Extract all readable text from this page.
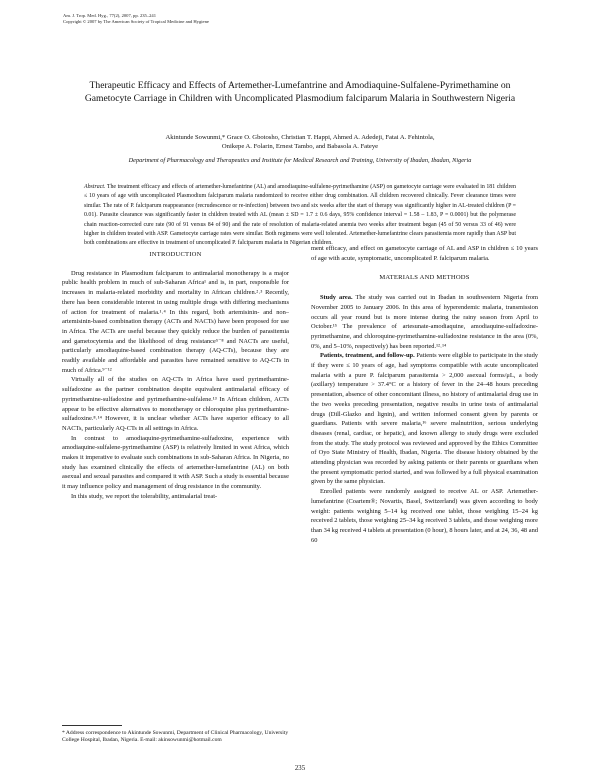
Am. J. Trop. Med. Hyg., 77(2), 2007, pp. 235–241
Copyright © 2007 by The American Society of Tropical Medicine and Hygiene
Therapeutic Efficacy and Effects of Artemether-Lumefantrine and Amodiaquine-Sulfalene-Pyrimethamine on Gametocyte Carriage in Children with Uncomplicated Plasmodium falciparum Malaria in Southwestern Nigeria
Akintunde Sowunmi,* Grace O. Gbotosho, Christian T. Happi, Ahmed A. Adedeji, Fatai A. Fehintola,
Onikepe A. Folarin, Ernest Tambo, and Babasola A. Fateye
Department of Pharmacology and Therapeutics and Institute for Medical Research and Training, University of Ibadan, Ibadan, Nigeria
Abstract. The treatment efficacy and effects of artemether-lumefantrine (AL) and amodiaquine-sulfalene-pyrimethamine (ASP) on gametocyte carriage were evaluated in 181 children ≤ 10 years of age with uncomplicated Plasmodium falciparum malaria randomized to receive either drug combination. All children recovered clinically. Fever clearance times were similar. The rate of P. falciparum reappearance (recrudescence or re-infection) between two and six weeks after the start of therapy was significantly higher in AL-treated children (P = 0.01). Parasite clearance was significantly faster in children treated with AL (mean ± SD = 1.7 ± 0.6 days, 95% confidence interval = 1.58 – 1.83, P = 0.0001) but the polymerase chain reaction-corrected cure rate (90 of 91 versus 84 of 90) and the rate of resolution of malaria-related anemia two weeks after treatment began (45 of 50 versus 33 of 46) were higher in children treated with ASP. Gametocyte carriage rates were similar. Both regimens were well tolerated. Artemether-lumefantrine clears parasitemia more rapidly than ASP but both combinations are effective in treatment of uncomplicated P. falciparum malaria in Nigerian children.
INTRODUCTION

Drug resistance in Plasmodium falciparum to antimalarial monotherapy is a major public health problem in much of sub-Saharan Africa¹ and is, in part, responsible for increases in malaria-related morbidity and mortality in African children.²˒³ Recently, there has been considerable interest in using multiple drugs with differing mechanisms of action for treatment of malaria.¹˒⁴ In this regard, both artemisinin- and non–artemisinin-based combination therapy (ACTs and NACTs) have been proposed for use in Africa. The ACTs are useful because they quickly reduce the burden of parasitemia and gametocytemia and the likelihood of drug resistance⁵⁻⁸ and NACTs are useful, particularly amodiaquine-based combination therapy (AQ-CTs), because they are readily available and affordable and parasites have remained sensitive to AQ-CTs in much of Africa.⁹⁻¹²

Virtually all of the studies on AQ-CTs in Africa have used pyrimethamine-sulfadoxine as the partner combination despite equivalent antimalarial efficacy of pyrimethamine-sulfadoxine and pyrimethamine-sulfalene.¹³ In African children, ACTs appear to be effective alternatives to monotherapy or chloroquine plus pyrimethamine-sulfadoxine.⁸˒¹⁴ However, it is unclear whether ACTs have superior efficacy to all NACTs, particularly AQ-CTs in all settings in Africa.

In contrast to amodiaquine-pyrimethamine-sulfadoxine, experience with amodiaquine-sulfalene-pyrimethamine (ASP) is relatively limited in west Africa, which makes it imperative to evaluate such combinations in sub-Saharan Africa. In Nigeria, no study has examined clinically the effects of artemether-lumefantrine (AL) on both asexual and sexual parasites and compared it with ASP. Such a study is essential because it may influence policy and management of drug resistance in the community.

In this study, we report the tolerability, antimalarial treat-

ment efficacy, and effect on gametocyte carriage of AL and ASP in children ≤ 10 years of age with acute, symptomatic, uncomplicated P. falciparum malaria.

MATERIALS AND METHODS

Study area. The study was carried out in Ibadan in southwestern Nigeria from November 2005 to January 2006. In this area of hyperendemic malaria, transmission occurs all year round but is more intense during the rainy season from April to October.¹⁵ The prevalence of artesunate-amodiaquine, amodiaquine-sulfadoxine-pyrimethamine, and chloroquine-pyrimethamine-sulfadoxine resistance in the area (0%, 0%, and 5–10%, respectively) has been reported.¹²˒¹⁴

Patients, treatment, and follow-up. Patients were eligible to participate in the study if they were ≤ 10 years of age, had symptoms compatible with acute uncomplicated malaria with a pure P. falciparum parasitemia > 2,000 asexual forms/μL, a body (axillary) temperature > 37.4°C or a history of fever in the 24–48 hours preceding presentation, absence of other concomitant illness, no history of antimalarial drug use in the two weeks preceding presentation, negative results in urine tests of antimalarial drugs (Dill-Glazko and lignin), and written informed consent given by parents or guardians. Patients with severe malaria,¹⁶ severe malnutrition, serious underlying diseases (renal, cardiac, or hepatic), and known allergy to study drugs were excluded from the study. The study protocol was reviewed and approved by the Ethics Committee of Oyo State Ministry of Health, Ibadan, Nigeria. The disease history obtained by the attending physician was recorded by asking patients or their parents or guardians when the present symptomatic period started, and was followed by a full physical examination given by the same physician.

Enrolled patients were randomly assigned to receive AL or ASP. Artemether-lumefantrine (Coartem®; Novartis, Basel, Switzerland) was given according to body weight: patients weighing 5–14 kg received one tablet, those weighing 15–24 kg received 2 tablets, those weighing 25–34 kg received 3 tablets, and those weighing more than 34 kg received 4 tablets at presentation (0 hour), 8 hours later, and at 24, 36, 48 and 60

* Address correspondence to Akintunde Sowunmi, Department of Clinical Pharmacology, University College Hospital, Ibadan, Nigeria. E-mail: akinsowunmi@hotmail.com
235
